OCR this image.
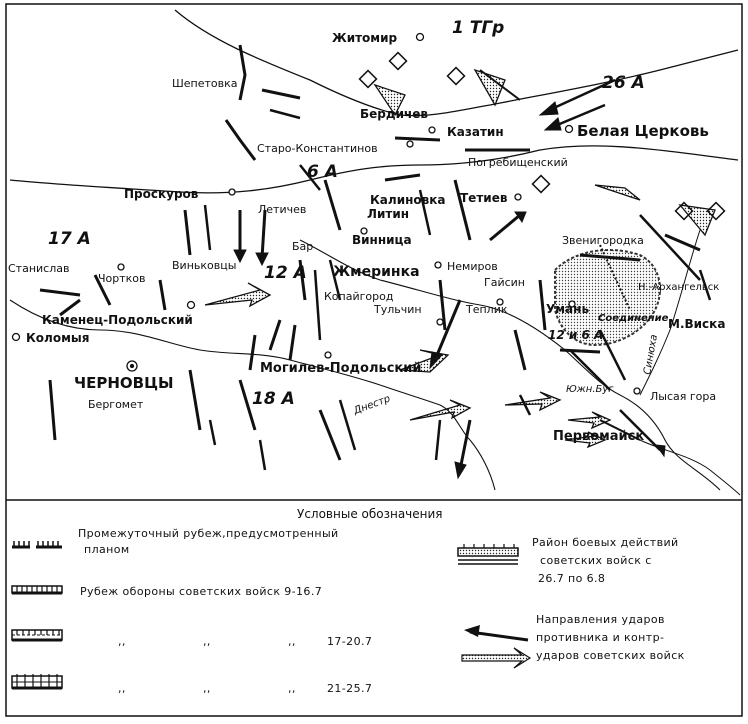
Житомир
Шепетовка
Бердичев
Казатин	Белая Церковь
Старо-Константинов
Погребищенский
Проскуров
Летичев
Калиновка
Литин
Тетиев
Звенигородка
Винница
Бар
Станислав
Чортков
Виньковцы	Жмеринка Немиров
Гайсин
Копайгород
Тульчин	Теплик
Каменец-Подольский
Коломыя
Умань
Н.-Архангельск
М.Виска
Могилев-Подольский
ЧЕРНОВЦЫ
Бергомет
Первомайск
Лысая гора
1 ТГр
26 А
6 А
17 А
12 А
18 А
12 и 6 А
Днестр
Южн.Буг
Синюха
Соединение
Условные обозначения
Промежуточный рубеж,предусмотренный
планом
Рубеж обороны советских войск 9-16.7
,,	,,	,,	17-20.7
,,	,,	,,	21-25.7
Район боевых действий
советских войск с
26.7 по 6.8
Направления ударов
противника и контр-
ударов советских войск
